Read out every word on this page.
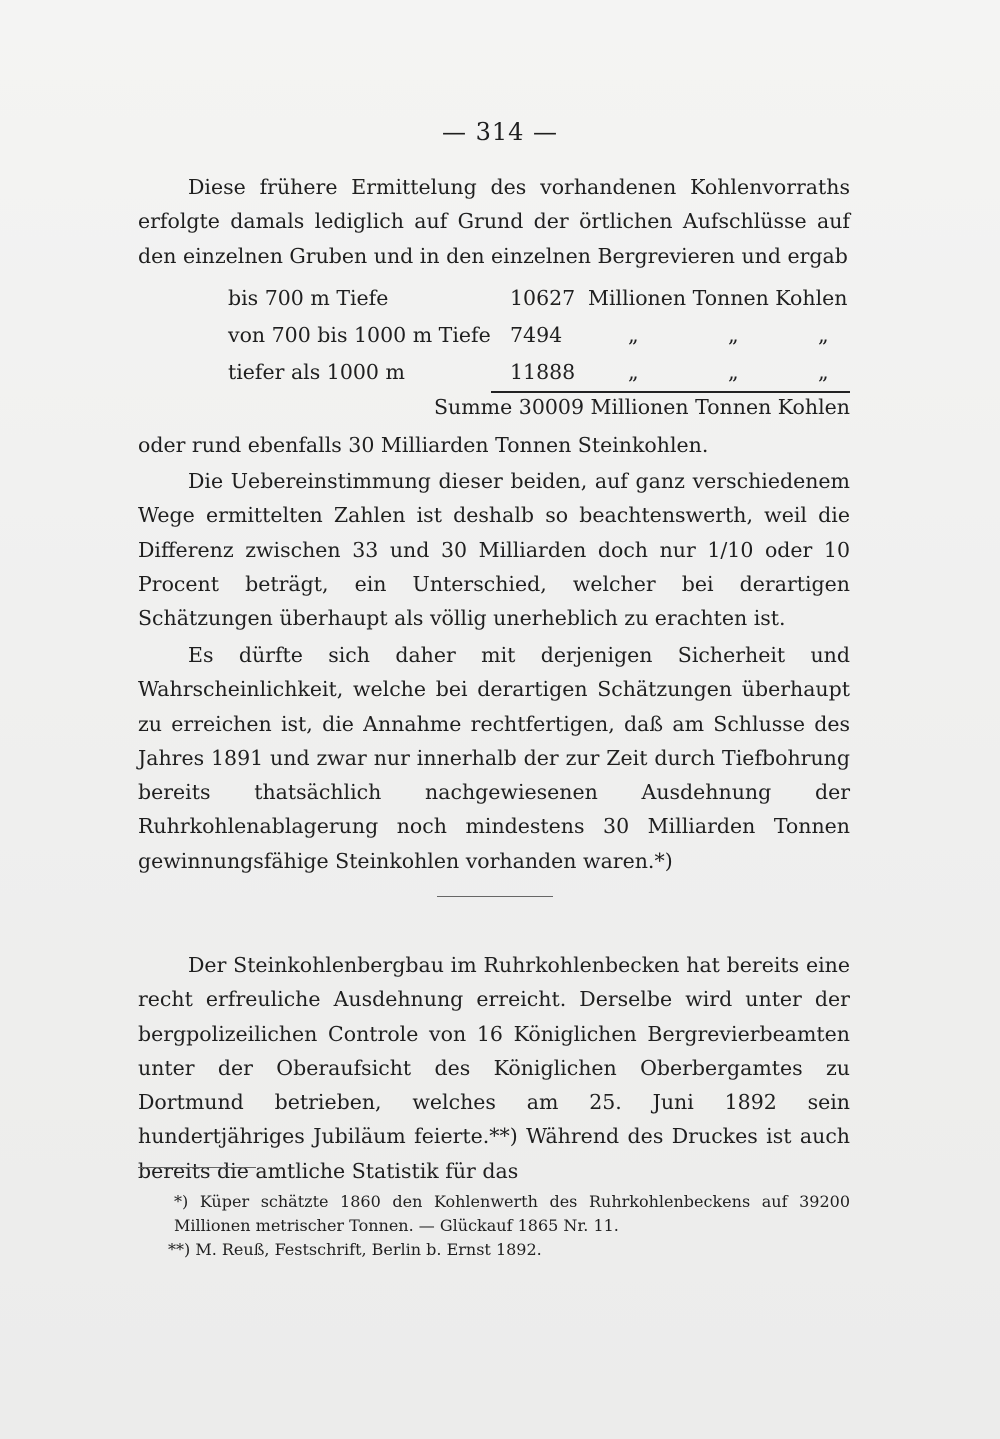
— 314 —

Diese frühere Ermittelung des vorhandenen Kohlenvorraths erfolgte damals lediglich auf Grund der örtlichen Aufschlüsse auf den einzelnen Gruben und in den einzelnen Bergrevieren und ergab

bis 700 m Tiefe	10627 Millionen Tonnen Kohlen
von 700 bis 1000 m Tiefe 7494	„	„	„
tiefer als 1000 m	11888	„	„	„
Summe 30009 Millionen Tonnen Kohlen

oder rund ebenfalls 30 Milliarden Tonnen Steinkohlen.

Die Uebereinstimmung dieser beiden, auf ganz verschiedenem Wege ermittelten Zahlen ist deshalb so beachtenswerth, weil die Differenz zwischen 33 und 30 Milliarden doch nur 1/10 oder 10 Procent beträgt, ein Unterschied, welcher bei derartigen Schätzungen überhaupt als völlig unerheblich zu erachten ist.

Es dürfte sich daher mit derjenigen Sicherheit und Wahrscheinlichkeit, welche bei derartigen Schätzungen überhaupt zu erreichen ist, die Annahme rechtfertigen, daß am Schlusse des Jahres 1891 und zwar nur innerhalb der zur Zeit durch Tiefbohrung bereits thatsächlich nachgewiesenen Ausdehnung der Ruhrkohlenablagerung noch mindestens 30 Milliarden Tonnen gewinnungsfähige Steinkohlen vorhanden waren.*)

Der Steinkohlenbergbau im Ruhrkohlenbecken hat bereits eine recht erfreuliche Ausdehnung erreicht. Derselbe wird unter der bergpolizeilichen Controle von 16 Königlichen Bergrevierbeamten unter der Oberaufsicht des Königlichen Oberbergamtes zu Dortmund betrieben, welches am 25. Juni 1892 sein hundertjähriges Jubiläum feierte.**) Während des Druckes ist auch bereits die amtliche Statistik für das

*) Küper schätzte 1860 den Kohlenwerth des Ruhrkohlenbeckens auf 39200 Millionen metrischer Tonnen. — Glückauf 1865 Nr. 11.

**) M. Reuß, Festschrift, Berlin b. Ernst 1892.
